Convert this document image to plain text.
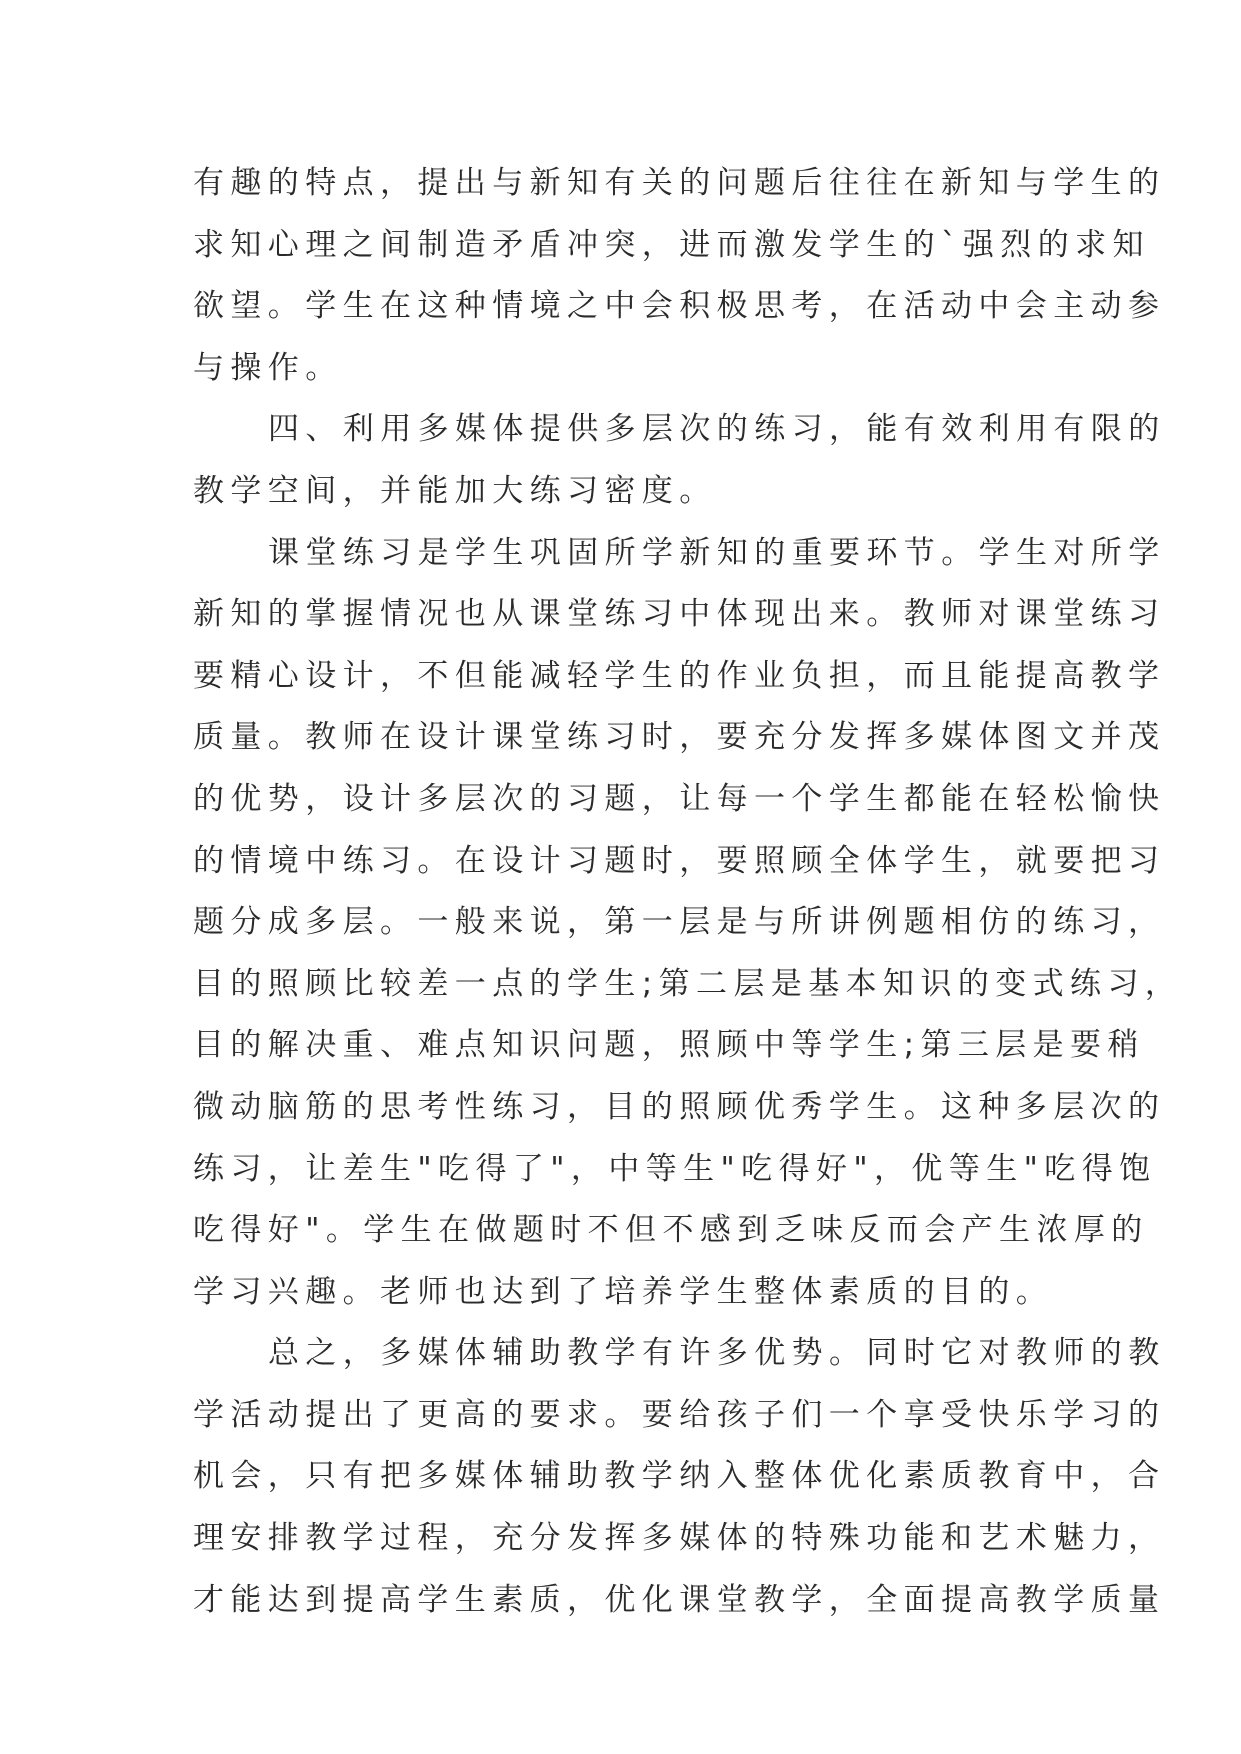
有趣的特点，提出与新知有关的问题后往往在新知与学生的
求知心理之间制造矛盾冲突，进而激发学生的`强烈的求知
欲望。学生在这种情境之中会积极思考，在活动中会主动参
与操作。
四、利用多媒体提供多层次的练习，能有效利用有限的
教学空间，并能加大练习密度。
课堂练习是学生巩固所学新知的重要环节。学生对所学
新知的掌握情况也从课堂练习中体现出来。教师对课堂练习
要精心设计，不但能减轻学生的作业负担，而且能提高教学
质量。教师在设计课堂练习时，要充分发挥多媒体图文并茂
的优势，设计多层次的习题，让每一个学生都能在轻松愉快
的情境中练习。在设计习题时，要照顾全体学生，就要把习
题分成多层。一般来说，第一层是与所讲例题相仿的练习，
目的照顾比较差一点的学生;第二层是基本知识的变式练习，
目的解决重、难点知识问题，照顾中等学生;第三层是要稍
微动脑筋的思考性练习，目的照顾优秀学生。这种多层次的
练习，让差生"吃得了"，中等生"吃得好"，优等生"吃得饱
吃得好"。学生在做题时不但不感到乏味反而会产生浓厚的
学习兴趣。老师也达到了培养学生整体素质的目的。
总之，多媒体辅助教学有许多优势。同时它对教师的教
学活动提出了更高的要求。要给孩子们一个享受快乐学习的
机会，只有把多媒体辅助教学纳入整体优化素质教育中，合
理安排教学过程，充分发挥多媒体的特殊功能和艺术魅力，
才能达到提高学生素质，优化课堂教学，全面提高教学质量
